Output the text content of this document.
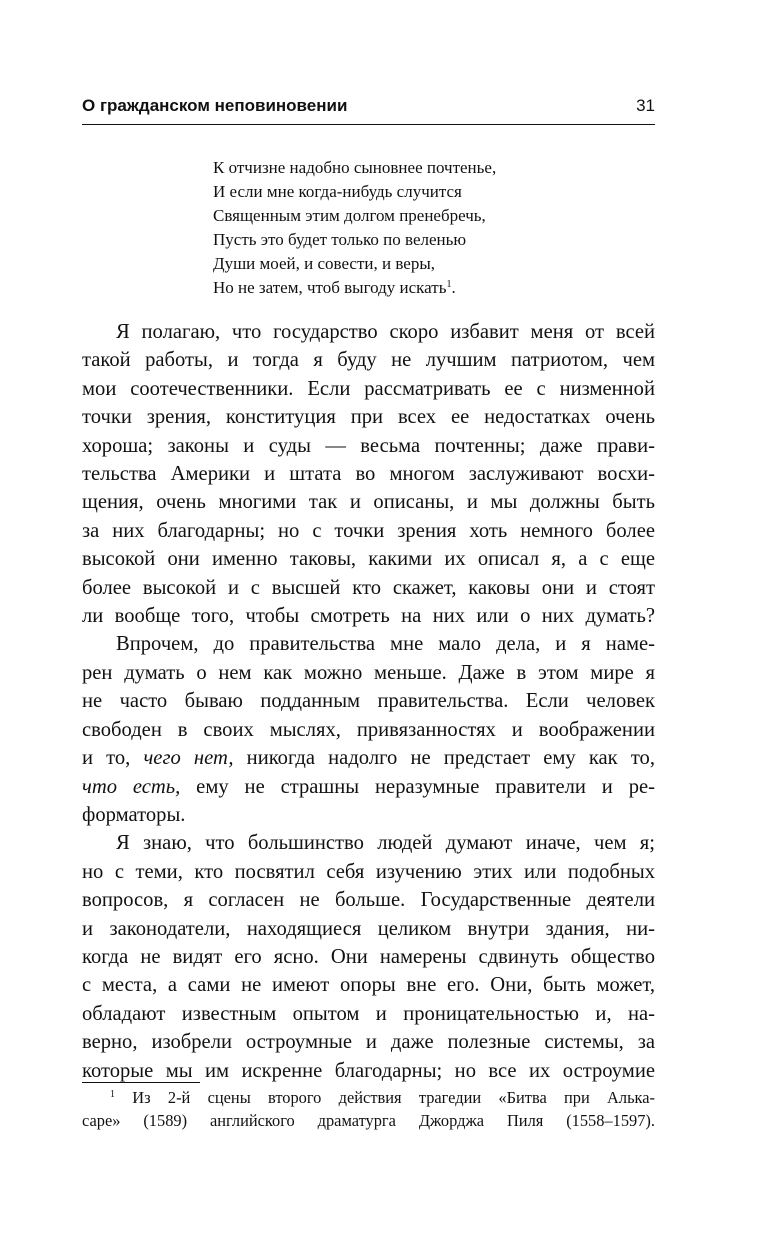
О гражданском неповиновении	31
К отчизне надобно сыновнее почтенье,
И если мне когда-нибудь случится
Священным этим долгом пренебречь,
Пусть это будет только по веленью
Души моей, и совести, и веры,
Но не затем, чтоб выгоду искать$^1$.
Я полагаю, что государство скоро избавит меня от всей
такой работы, и тогда я буду не лучшим патриотом, чем
мои соотечественники. Если рассматривать ее с низменной
точки зрения, конституция при всех ее недостатках очень
хороша; законы и суды — весьма почтенны; даже прави-
тельства Америки и штата во многом заслуживают восхи-
щения, очень многими так и описаны, и мы должны быть
за них благодарны; но с точки зрения хоть немного более
высокой они именно таковы, какими их описал я, а с еще
более высокой и с высшей кто скажет, каковы они и стоят
ли вообще того, чтобы смотреть на них или о них думать?
Впрочем, до правительства мне мало дела, и я наме-
рен думать о нем как можно меньше. Даже в этом мире я
не часто бываю подданным правительства. Если человек
свободен в своих мыслях, привязанностях и воображении
и то, чего нет, никогда надолго не предстает ему как то,
что есть, ему не страшны неразумные правители и ре-
форматоры.
Я знаю, что большинство людей думают иначе, чем я;
но с теми, кто посвятил себя изучению этих или подобных
вопросов, я согласен не больше. Государственные деятели
и законодатели, находящиеся целиком внутри здания, ни-
когда не видят его ясно. Они намерены сдвинуть общество
с места, а сами не имеют опоры вне его. Они, быть может,
обладают известным опытом и проницательностью и, на-
верно, изобрели остроумные и даже полезные системы, за
которые мы им искренне благодарны; но все их остроумие
$^1$ Из 2-й сцены второго действия трагедии «Битва при Алька-
саре» (1589) английского драматурга Джорджа Пиля (1558–1597).
